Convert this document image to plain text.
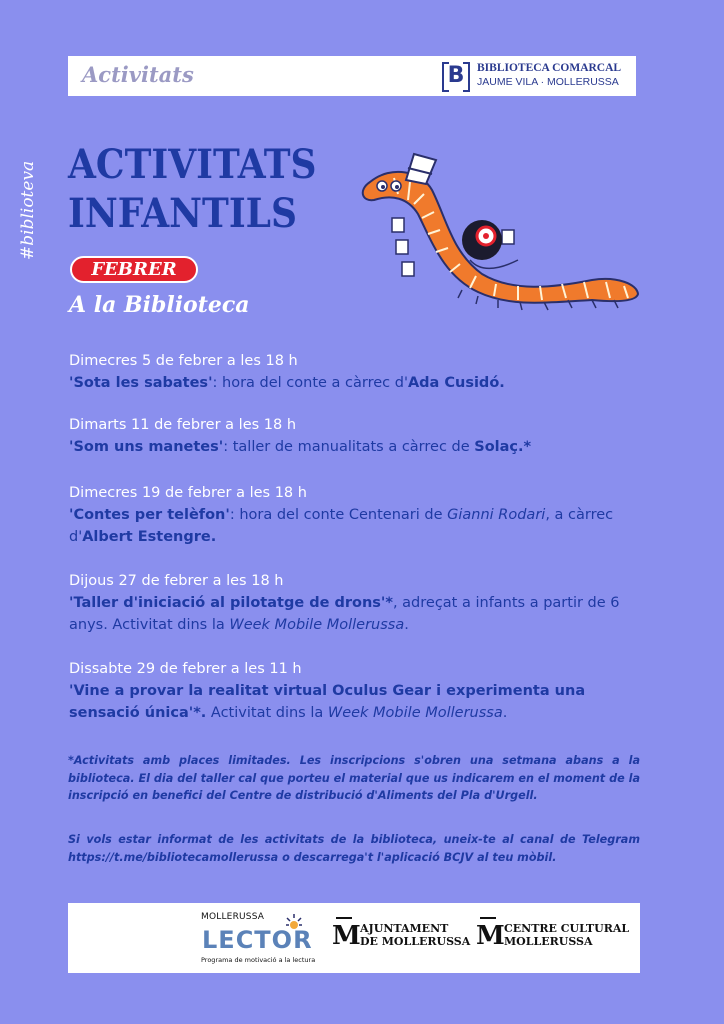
Activitats	B	BIBLIOTECA COMARCAL
JAUME VILA · MOLLERUSSA
#biblioteva ACTIVITATS
INFANTILS
FEBRER
A la Biblioteca
Dimecres 5 de febrer a les 18 h
'Sota les sabates': hora del conte a càrrec d'Ada Cusidó.
Dimarts 11 de febrer a les 18 h
'Som uns manetes': taller de manualitats a càrrec de Solaç.*
Dimecres 19 de febrer a les 18 h
'Contes per telèfon': hora del conte Centenari de Gianni Rodari, a càrrec d'Albert Estengre.
Dijous 27 de febrer a les 18 h
'Taller d'iniciació al pilotatge de drons'*, adreçat a infants a partir de 6 anys. Activitat dins la Week Mobile Mollerussa.
Dissabte 29 de febrer a les 11 h
'Vine a provar la realitat virtual Oculus Gear i experimenta una sensació única'*. Activitat dins la Week Mobile Mollerussa.
*Activitats amb places limitades. Les inscripcions s'obren una setmana abans a la biblioteca. El dia del taller cal que porteu el material que us indicarem en el moment de la inscripció en benefici del Centre de distribució d'Aliments del Pla d'Urgell.
Si vols estar informat de les activitats de la biblioteca, uneix-te al canal de Telegram https://t.me/bibliotecamollerussa o descarrega't l'aplicació BCJV al teu mòbil.
MOLLERUSSA
LECTOR
Programa de motivació a la lectura
M AJUNTAMENT
DE MOLLERUSSA M CENTRE CULTURAL
MOLLERUSSA
